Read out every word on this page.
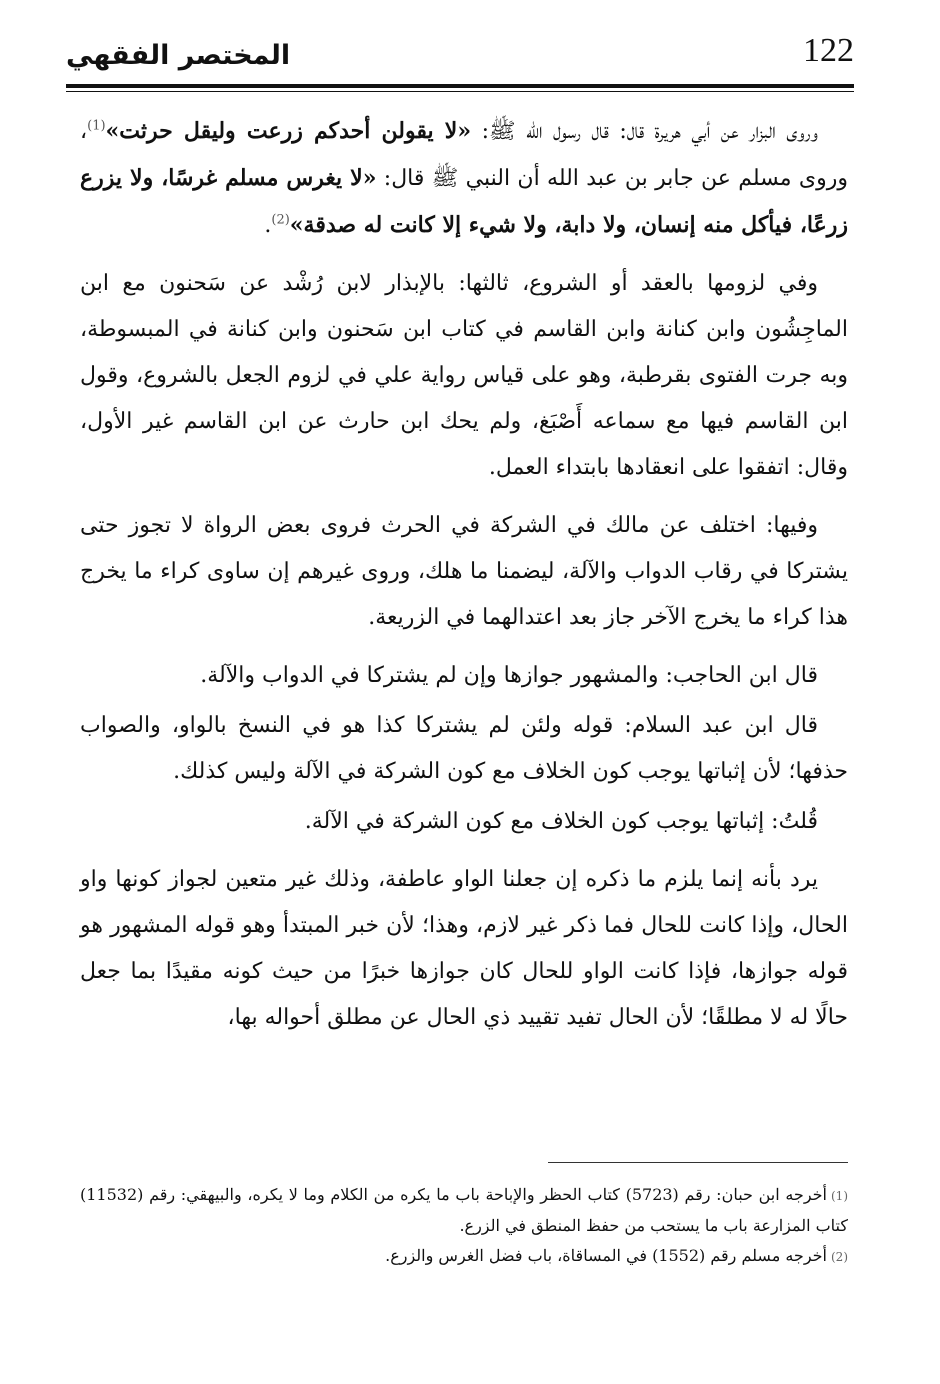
المختصر الفقهي	122

وروى البزار عن أبي هريرة قال: قال رسول الله ﷺ: «لا يقولن أحدكم زرعت وليقل حرثت»$^{(1)}$، وروى مسلم عن جابر بن عبد الله أن النبي ﷺ قال: «لا يغرس مسلم غرسًا، ولا يزرع زرعًا، فيأكل منه إنسان، ولا دابة، ولا شيء إلا كانت له صدقة»$^{(2)}$.

وفي لزومها بالعقد أو الشروع، ثالثها: بالإبذار لابن رُشْد عن سَحنون مع ابن الماجِشُون وابن كنانة وابن القاسم في كتاب ابن سَحنون وابن كنانة في المبسوطة، وبه جرت الفتوى بقرطبة، وهو على قياس رواية علي في لزوم الجعل بالشروع، وقول ابن القاسم فيها مع سماعه أَصْبَغ، ولم يحك ابن حارث عن ابن القاسم غير الأول، وقال: اتفقوا على انعقادها بابتداء العمل.

وفيها: اختلف عن مالك في الشركة في الحرث فروى بعض الرواة لا تجوز حتى يشتركا في رقاب الدواب والآلة، ليضمنا ما هلك، وروى غيرهم إن ساوى كراء ما يخرج هذا كراء ما يخرج الآخر جاز بعد اعتدالهما في الزريعة.

قال ابن الحاجب: والمشهور جوازها وإن لم يشتركا في الدواب والآلة.

قال ابن عبد السلام: قوله ولئن لم يشتركا كذا هو في النسخ بالواو، والصواب حذفها؛ لأن إثباتها يوجب كون الخلاف مع كون الشركة في الآلة وليس كذلك.

قُلتُ: إثباتها يوجب كون الخلاف مع كون الشركة في الآلة.

يرد بأنه إنما يلزم ما ذكره إن جعلنا الواو عاطفة، وذلك غير متعين لجواز كونها واو الحال، وإذا كانت للحال فما ذكر غير لازم، وهذا؛ لأن خبر المبتدأ وهو قوله المشهور هو قوله جوازها، فإذا كانت الواو للحال كان جوازها خبرًا من حيث كونه مقيدًا بما جعل حالًا له لا مطلقًا؛ لأن الحال تفيد تقييد ذي الحال عن مطلق أحواله بها،

(1)أخرجه ابن حبان: رقم (5723) كتاب الحظر والإباحة باب ما يكره من الكلام وما لا يكره، والبيهقي: رقم (11532) كتاب المزارعة باب ما يستحب من حفظ المنطق في الزرع.

(2)أخرجه مسلم رقم (1552) في المساقاة، باب فضل الغرس والزرع.
